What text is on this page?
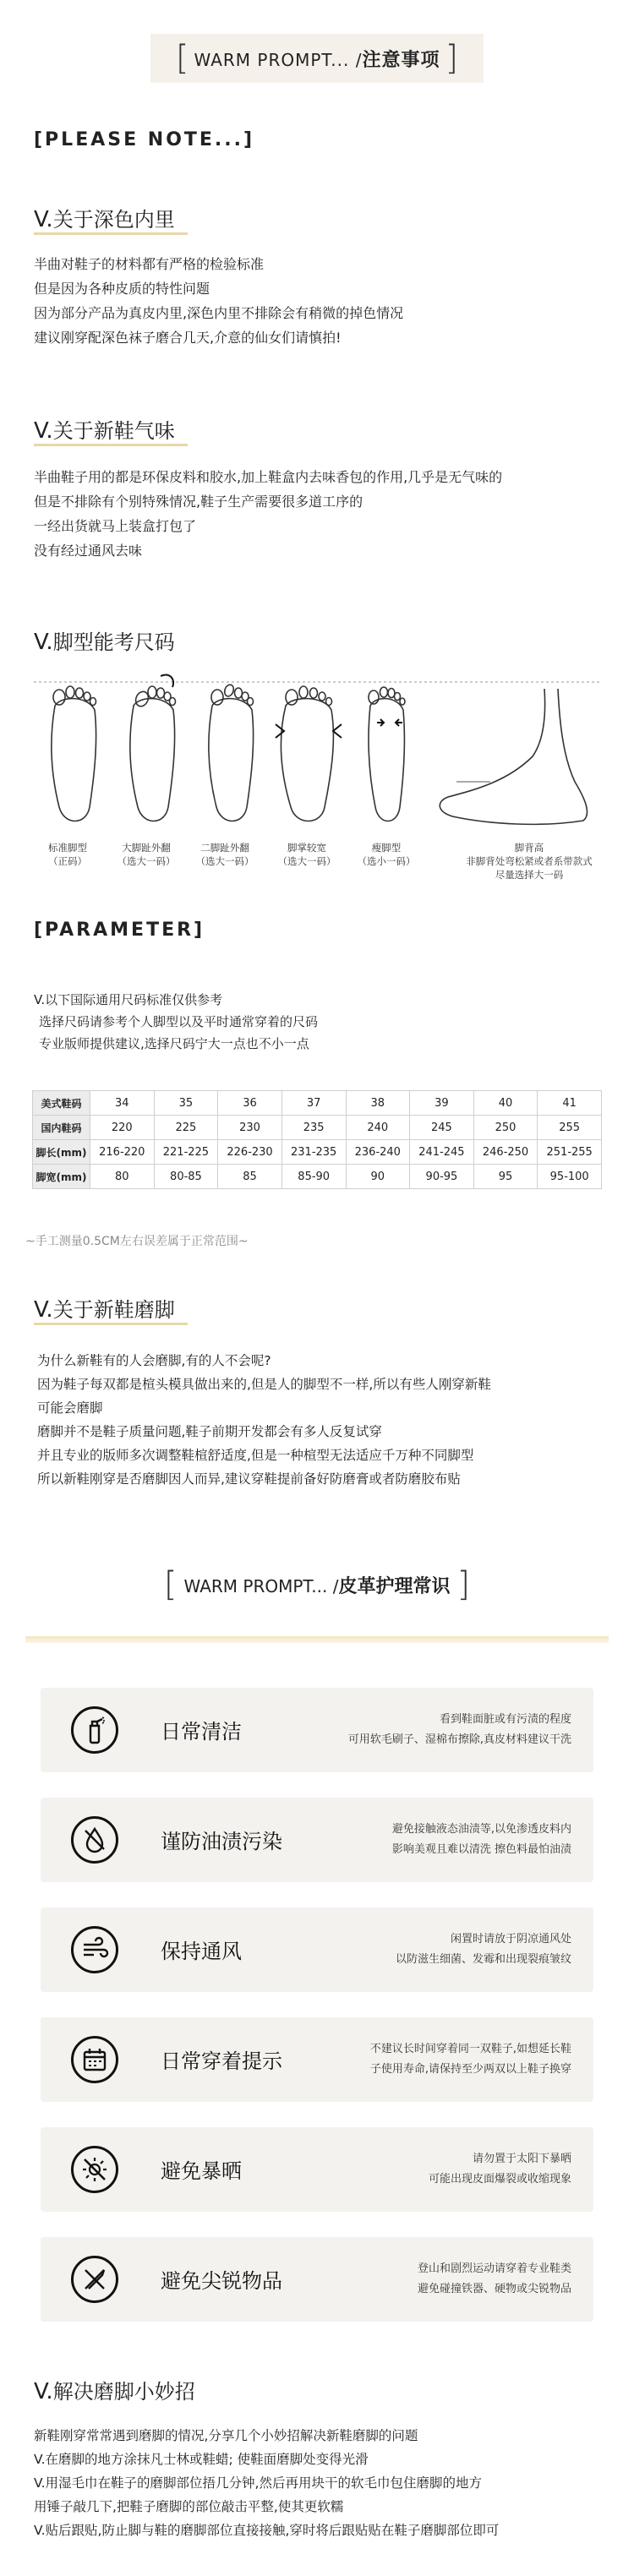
[ WARM PROMPT... /注意事项 ]
[PLEASE NOTE...]
V. 关于深色内里
半曲对鞋子的材料都有严格的检验标准
但是因为各种皮质的特性问题
因为部分产品为真皮内里,深色内里不排除会有稍微的掉色情况
建议刚穿配深色袜子磨合几天,介意的仙女们请慎拍!
V. 关于新鞋气味
半曲鞋子用的都是环保皮料和胶水,加上鞋盒内去味香包的作用,几乎是无气味的
但是不排除有个别特殊情况,鞋子生产需要很多道工序的
一经出货就马上装盒打包了
没有经过通风去味
V. 脚型能考尺码
标准脚型
（正码）
大脚趾外翻
（选大一码）
二脚趾外翻
（选大一码）
脚掌较宽
（选大一码）
瘦脚型
（选小一码）
脚背高
非脚背处弯松紧或者系带款式
尽量选择大一码
[PARAMETER]
V.以下国际通用尺码标准仅供参考
选择尺码请参考个人脚型以及平时通常穿着的尺码
专业版师提供建议,选择尺码宁大一点也不小一点
美式鞋码	34	35	36	37	38	39	40	41
国内鞋码	220	225	230	235	240	245	250	255
脚长(mm)	216-220	221-225	226-230	231-235	236-240	241-245	246-250	251-255
脚宽(mm)	80	80-85	85	85-90	90	90-95	95	95-100
~手工测量0.5CM左右误差属于正常范围~
V. 关于新鞋磨脚
为什么新鞋有的人会磨脚,有的人不会呢?
因为鞋子每双都是楦头模具做出来的,但是人的脚型不一样,所以有些人刚穿新鞋
可能会磨脚
磨脚并不是鞋子质量问题,鞋子前期开发都会有多人反复试穿
并且专业的版师多次调整鞋楦舒适度,但是一种楦型无法适应千万种不同脚型
所以新鞋刚穿是否磨脚因人而异,建议穿鞋提前备好防磨膏或者防磨胶布贴
[ WARM PROMPT... /皮革护理常识 ]
日常清洁
看到鞋面脏或有污渍的程度
可用软毛刷子、湿棉布擦除,真皮材料建议干洗
谨防油渍污染
避免接触液态油渍等,以免渗透皮料内
影响美观且难以清洗 擦色料最怕油渍
保持通风
闲置时请放于阴凉通风处
以防滋生细菌、发霉和出现裂痕皱纹
日常穿着提示
不建议长时间穿着同一双鞋子,如想延长鞋
子使用寿命,请保持至少两双以上鞋子换穿
避免暴晒
请勿置于太阳下暴晒
可能出现皮面爆裂或收缩现象
避免尖锐物品
登山和剧烈运动请穿着专业鞋类
避免碰撞铁器、硬物或尖锐物品
V. 解决磨脚小妙招
新鞋刚穿常常遇到磨脚的情况,分享几个小妙招解决新鞋磨脚的问题
V.在磨脚的地方涂抹凡士林或鞋蜡; 使鞋面磨脚处变得光滑
V.用湿毛巾在鞋子的磨脚部位捂几分钟,然后再用块干的软毛巾包住磨脚的地方
用锤子敲几下,把鞋子磨脚的部位敲击平整,使其更软糯
V.贴后跟贴,防止脚与鞋的磨脚部位直接接触,穿时将后跟贴贴在鞋子磨脚部位即可
